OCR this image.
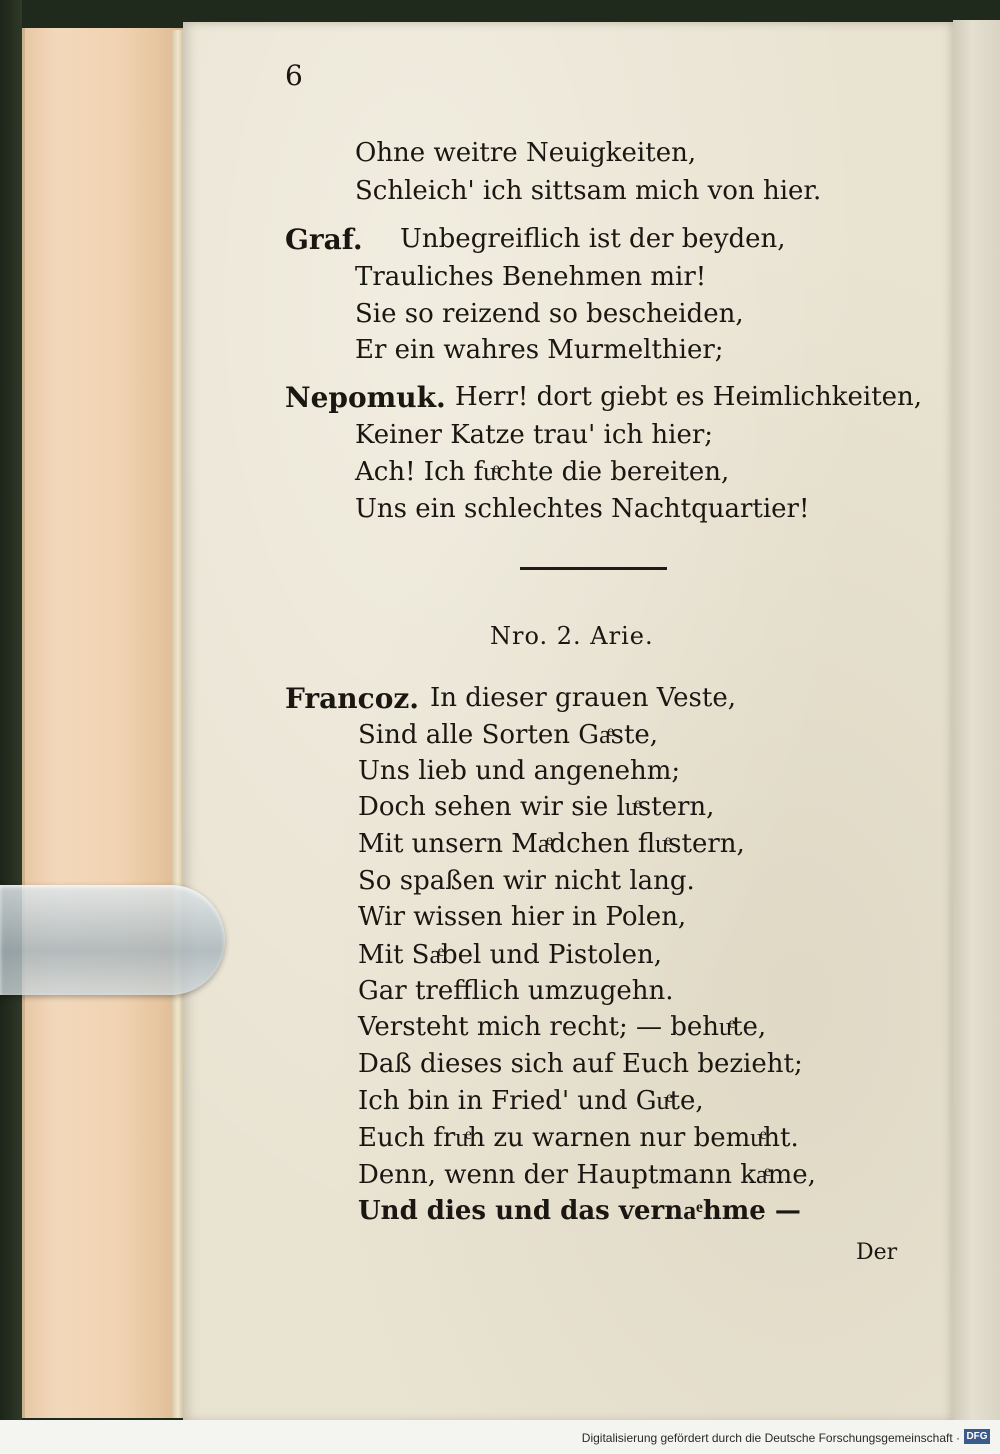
6
Ohne weitre Neuigkeiten,
Schleich' ich sittsam mich von hier.
Graf. Unbegreiflich ist der beyden,
Trauliches Benehmen mir!
Sie so reizend so bescheiden,
Er ein wahres Murmelthier;
Nepomuk. Herr! dort giebt es Heimlichkeiten,
Keiner Katze trau' ich hier;
Ach! Ich fuͤchte die bereiten,
Uns ein schlechtes Nachtquartier!
Nro. 2. Arie.
Francoz. In dieser grauen Veste,
Sind alle Sorten Gaͤste,
Uns lieb und angenehm;
Doch sehen wir sie luͤstern,
Mit unsern Maͤdchen fluͤstern,
So spaßen wir nicht lang.
Wir wissen hier in Polen,
Mit Saͤbel und Pistolen,
Gar trefflich umzugehn.
Versteht mich recht; — behuͤte,
Daß dieses sich auf Euch bezieht;
Ich bin in Fried' und Guͤte,
Euch fruͤh zu warnen nur bemuͤht.
Denn, wenn der Hauptmann kaͤme,
Und dies und das vernaͤhme —
Der
Digitalisierung gefördert durch die Deutsche Forschungsgemeinschaft · DFG
